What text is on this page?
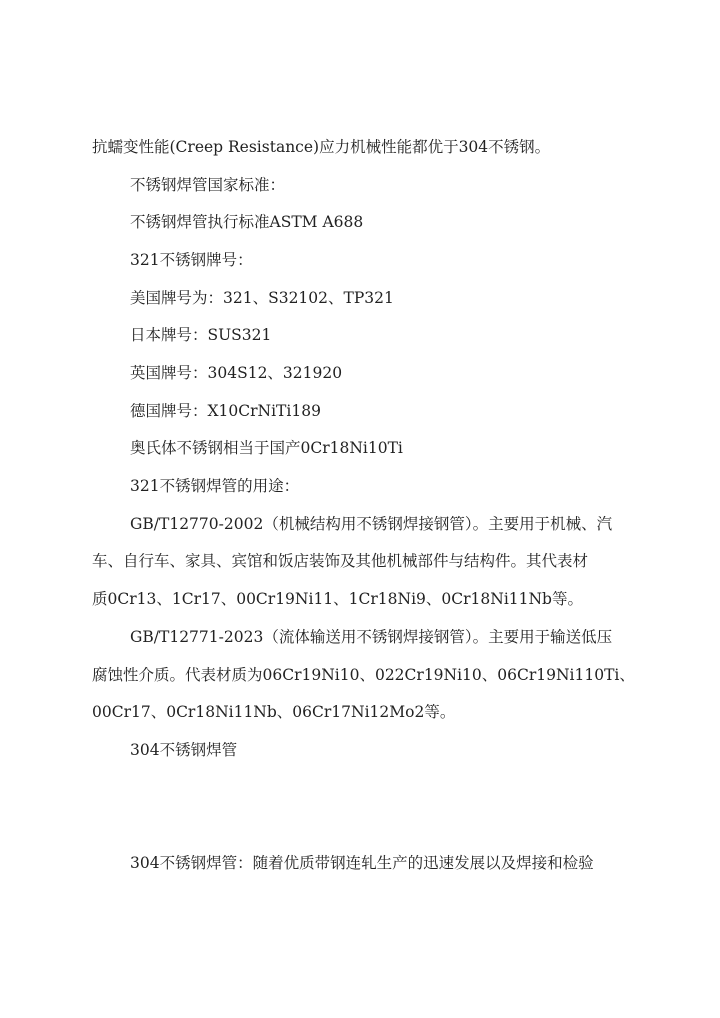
抗蠕变性能(Creep Resistance)应力机械性能都优于304不锈钢。
不锈钢焊管国家标准：
不锈钢焊管执行标准ASTM A688
321不锈钢牌号：
美国牌号为：321、S32102、TP321
日本牌号：SUS321
英国牌号：304S12、321920
德国牌号：X10CrNiTi189
奥氏体不锈钢相当于国产0Cr18Ni10Ti
321不锈钢焊管的用途：
GB/T12770-2002（机械结构用不锈钢焊接钢管）。主要用于机械、汽
车、自行车、家具、宾馆和饭店装饰及其他机械部件与结构件。其代表材
质0Cr13、1Cr17、00Cr19Ni11、1Cr18Ni9、0Cr18Ni11Nb等。
GB/T12771-2023（流体输送用不锈钢焊接钢管）。主要用于输送低压
腐蚀性介质。代表材质为06Cr19Ni10、022Cr19Ni10、06Cr19Ni110Ti、
00Cr17、0Cr18Ni11Nb、06Cr17Ni12Mo2等。
304不锈钢焊管
304不锈钢焊管：随着优质带钢连轧生产的迅速发展以及焊接和检验
